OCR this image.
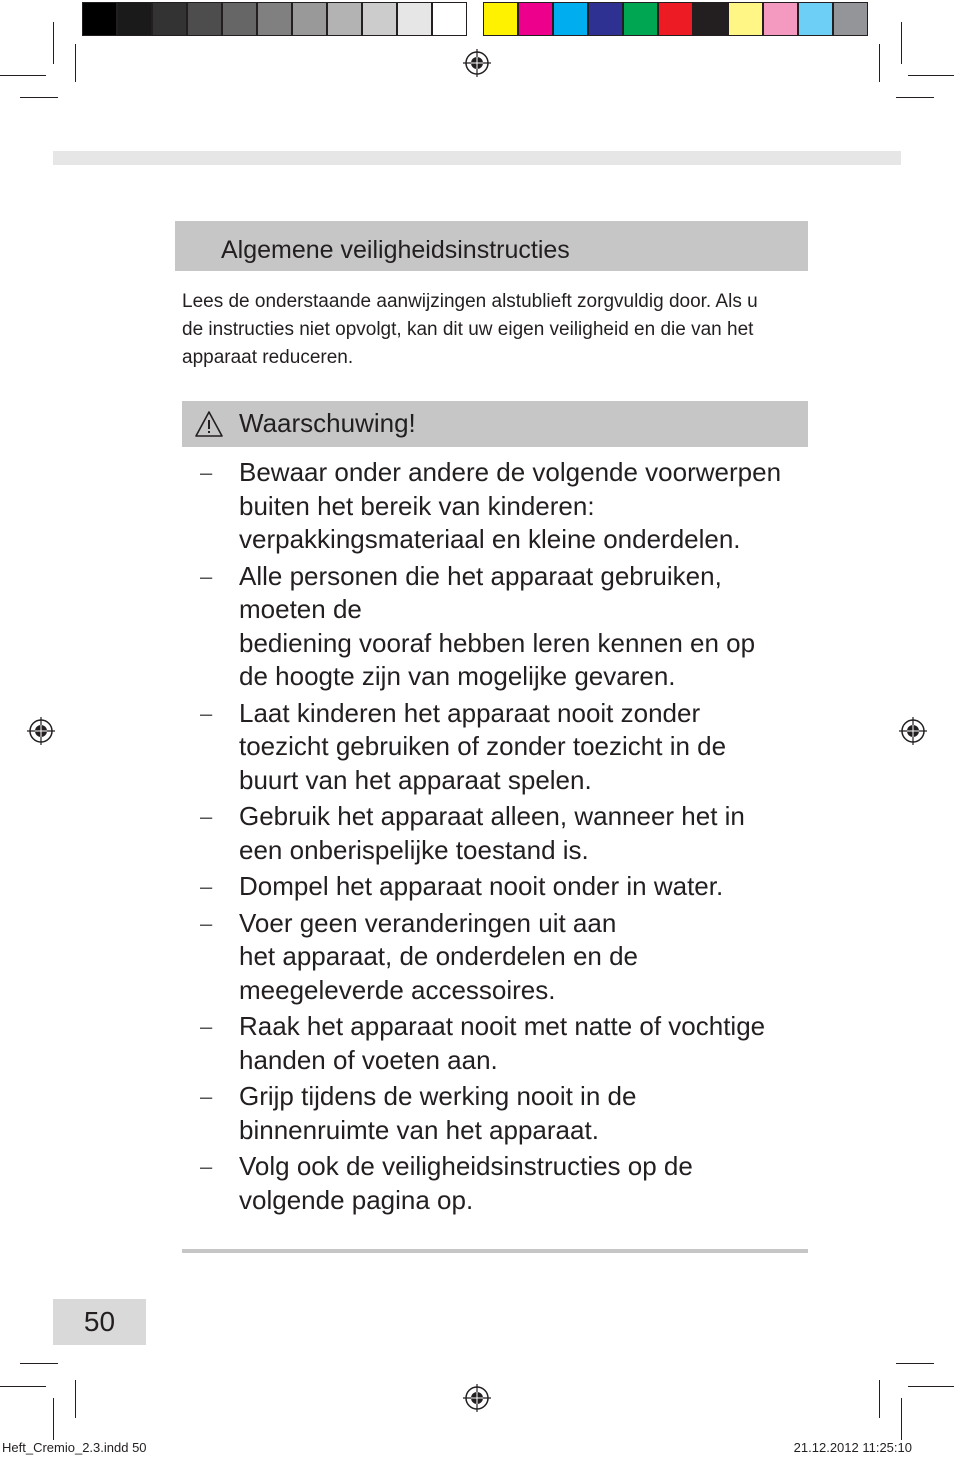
Algemene veiligheidsinstructies
Lees de onderstaande aanwijzingen alstublieft zorgvuldig door. Als u de instructies niet opvolgt, kan dit uw eigen veiligheid en die van het apparaat reduceren.
Waarschuwing!
– Bewaar onder andere de volgende voorwerpen buiten het bereik van kinderen: verpakkingsmateriaal en kleine onderdelen.
– Alle personen die het apparaat gebruiken, moeten de
bediening vooraf hebben leren kennen en op de hoogte zijn van mogelijke gevaren.
– Laat kinderen het apparaat nooit zonder toezicht gebruiken of zonder toezicht in de buurt van het apparaat spelen.
– Gebruik het apparaat alleen, wanneer het in een onberispelijke toestand is.
– Dompel het apparaat nooit onder in water.
– Voer geen veranderingen uit aan
het apparaat, de onderdelen en de meegeleverde accessoires.
– Raak het apparaat nooit met natte of vochtige handen of voeten aan.
– Grijp tijdens de werking nooit in de binnenruimte van het apparaat.
– Volg ook de veiligheidsinstructies op de volgende pagina op.
50
Heft_Cremio_2.3.indd 50	21.12.2012 11:25:10
